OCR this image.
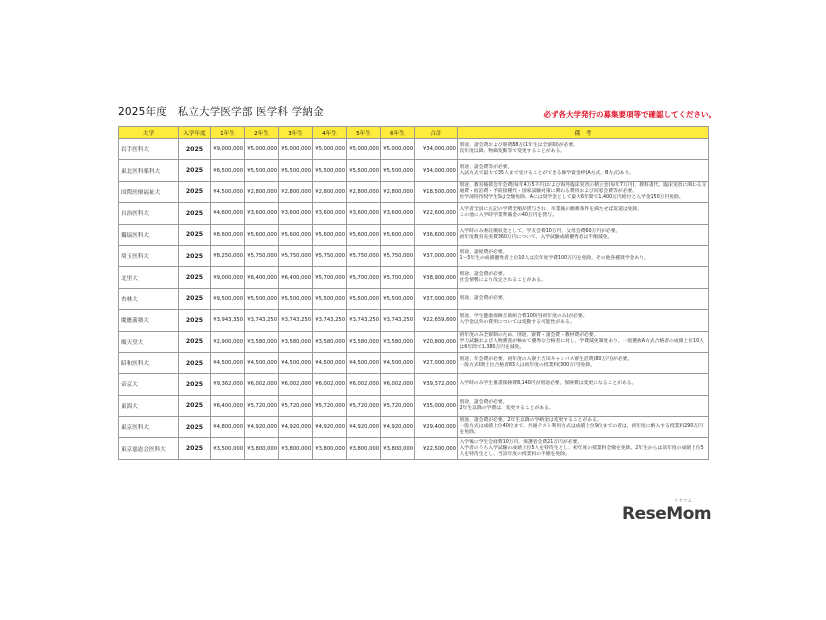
2025年度　私立大学医学部 医学科 学納金	必ず各大学発行の募集要項等で確認してください。
大学	入学年度	1年生	2年生	3年生	4年生	5年生	6年生	合計	備　考
岩手医科大	2025	¥9,000,000	¥5,000,000	¥5,000,000	¥5,000,000	¥5,000,000	¥5,000,000	¥34,000,000	別途、諸会費および寮費88万(1年生は全寮制)が必要。
次年度以降、物価変動等で変更することがある。
東北医科薬科大	2025	¥6,500,000	¥5,500,000	¥5,500,000	¥5,500,000	¥5,500,000	¥5,500,000	¥34,000,000	別途、諸会費等が必要。
入試方式で最大で35人まで受けることができる修学資金枠(A方式、B方式)あり。
国際医療福祉大	2025	¥4,500,000	¥2,800,000	¥2,800,000	¥2,800,000	¥2,800,000	¥2,800,000	¥18,500,000	別途、教育後援会年会費(毎年4万5千円)および海外臨床実習の積立金(毎年7万円)、教科書代、臨床実習に関わる交通費・宿泊費・予防接種代・国家試験対策に関わる費用および同窓会費等が必要。
医学部特待奨学生Sは全額免除、Aには奨学金として最大6年間で1,400万円給付と入学金150万円免除。
自治医科大	2025	¥4,600,000	¥3,600,000	¥3,600,000	¥3,600,000	¥3,600,000	¥3,600,000	¥22,600,000	入学者全員に左記の学費全額が貸与され、卒業後の勤務条件を満たせば返還は免除。
この他に入学時学業準備金の40万円を貸与。
獨協医科大	2025	¥8,600,000	¥5,600,000	¥5,600,000	¥5,600,000	¥5,600,000	¥5,600,000	¥36,600,000	入学時のみ委託徴収金として、学友会費10万円、父母会費60万円が必要。
初年度教育充実費360万円について、入学試験成績優秀者は半額減免。
埼玉医科大	2025	¥8,250,000	¥5,750,000	¥5,750,000	¥5,750,000	¥5,750,000	¥5,750,000	¥37,000,000	別途、諸経費が必要。
1～5年生の成績優秀者上位10人は次年度学費100万円を免除。その他各種奨学金あり。
北里大	2025	¥9,000,000	¥6,400,000	¥6,400,000	¥5,700,000	¥5,700,000	¥5,700,000	¥38,900,000	別途、諸会費が必要。
社会情勢により改定されることがある。
杏林大	2025	¥9,500,000	¥5,500,000	¥5,500,000	¥5,500,000	¥5,500,000	¥5,500,000	¥37,000,000	別途、諸会費が必要。
慶應義塾大	2025	¥3,943,350	¥3,743,250	¥3,743,250	¥3,743,250	¥3,743,250	¥3,743,250	¥22,659,600	別途、学生健康保険互助組合費100円(初年度のみ)が必要。
入学金以外の費用については変動する可能性がある。
順天堂大	2025	¥2,900,000	¥3,580,000	¥3,580,000	¥3,580,000	¥3,580,000	¥3,580,000	¥20,800,000	初年度のみ全寮制のため、別途、寮費・諸会費・教材費が必要。
学力試験および人物審査が極めて優秀な合格者に対し、学費減免制度あり。一般選抜A方式合格者の成績上位10人は6年間で1,380万円を減免。
昭和医科大	2025	¥4,500,000	¥4,500,000	¥4,500,000	¥4,500,000	¥4,500,000	¥4,500,000	¥27,000,000	別途、年会費が必要。初年度の入寮士吉田キャンパス寮生活費(80万円)が必要。
一般方式Ⅰ期上位合格者83人は初年度の授業料(300万円)免除。
帝京大	2025	¥9,362,000	¥6,002,000	¥6,002,000	¥6,002,000	¥6,002,000	¥6,002,000	¥39,372,000	入学時のみ学生番書保険費8,140円が別途必要。保険費は変更になることがある。
東海大	2025	¥6,400,000	¥5,720,000	¥5,720,000	¥5,720,000	¥5,720,000	¥5,720,000	¥35,000,000	別途、諸会費が必要。
2年生以降の学費は、変更することがある。
東京医科大	2025	¥4,800,000	¥4,920,000	¥4,920,000	¥4,920,000	¥4,920,000	¥4,920,000	¥29,400,000	別途、諸会費が必要。2年生以降の学納金は変更することがある。
一般方式は成績上位40位まで、共通テスト利用方式は成績上位9位までの者は、初年度に納入する授業料290万円を免除。
東京慈恵会医科大	2025	¥3,500,000	¥3,800,000	¥3,800,000	¥3,800,000	¥3,800,000	¥3,800,000	¥22,500,000	入学後に学生会経費10万円、保護者会費21万円が必要。
入学者のうち入学試験の成績上位5人を特待生とし、初年度の授業料全額を免除。2年生からは前年度の成績上位5人を特待生とし、当該年度の授業料の半額を免除。
ReseMom
リセマム
